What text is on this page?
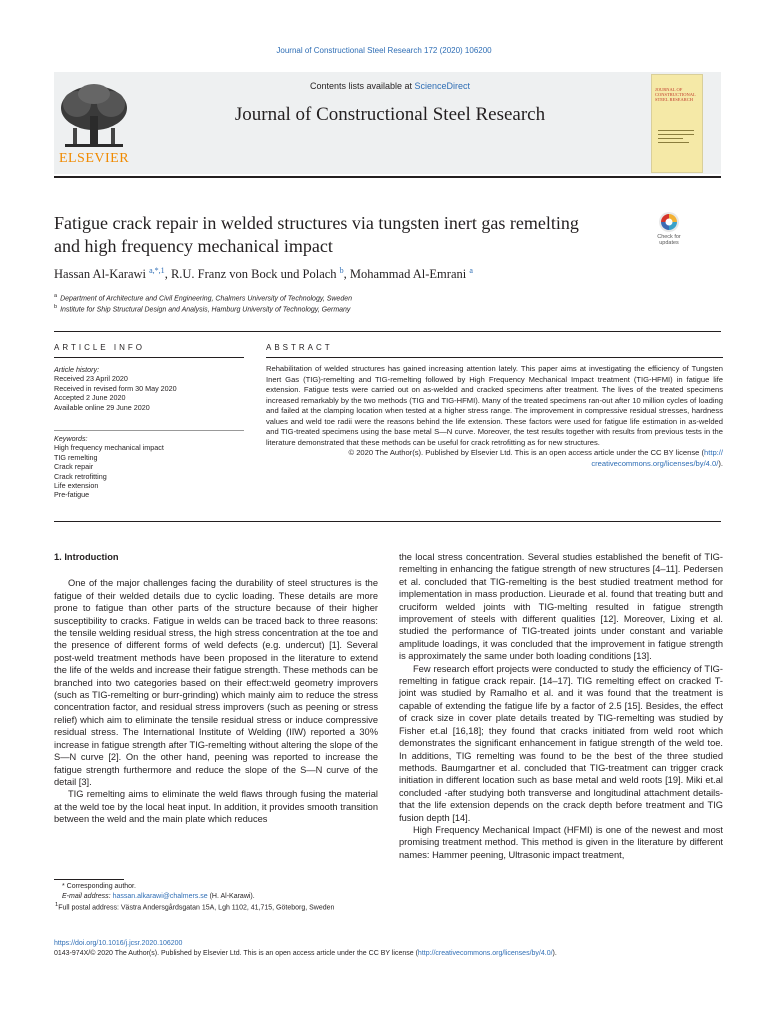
Journal of Constructional Steel Research 172 (2020) 106200
ELSEVIER
Contents lists available at ScienceDirect
Journal of Constructional Steel Research
JOURNAL OF CONSTRUCTIONAL STEEL RESEARCH
Fatigue crack repair in welded structures via tungsten inert gas remelting
and high frequency mechanical impact	Check for updates
Hassan Al-Karawi $^{a,*,1}$, R.U. Franz von Bock und Polach $^b$, Mohammad Al-Emrani $^a$
$^a$ Department of Architecture and Civil Engineering, Chalmers University of Technology, Sweden
$^b$ Institute for Ship Structural Design and Analysis, Hamburg University of Technology, Germany
ARTICLE INFO	ABSTRACT
Article history:
Received 23 April 2020
Received in revised form 30 May 2020
Accepted 2 June 2020
Available online 29 June 2020
Keywords:
High frequency mechanical impact
TIG remelting
Crack repair
Crack retrofitting
Life extension
Pre-fatigue

Rehabilitation of welded structures has gained increasing attention lately. This paper aims at investigating the efficiency of Tungsten Inert Gas (TIG)-remelting and TIG-remelting followed by High Frequency Mechanical Impact treatment (TIG-HFMI) in fatigue life extension. Fatigue tests were carried out on as-welded and cracked specimens after treatment. The lives of the treated specimens increased remarkably by the two methods (TIG and TIG-HFMI). Many of the treated specimens ran-out after 10 million cycles of loading and failed at the clamping location when tested at a higher stress range. The improvement in compressive residual stresses, hardness values and weld toe radii were the reasons behind the life extension. These factors were used for fatigue life estimation in as-welded and TIG-treated specimens using the base metal S—N curve. Moreover, the test results together with results from previous tests in the literature demonstrated that these methods can be useful for crack retrofitting as for new structures.

© 2020 The Author(s). Published by Elsevier Ltd. This is an open access article under the CC BY license (http://
creativecommons.org/licenses/by/4.0/).

1. Introduction

One of the major challenges facing the durability of steel structures is the fatigue of their welded details due to cyclic loading. These details are more prone to fatigue than other parts of the structure because of their higher susceptibility to cracks. Fatigue in welds can be traced back to three reasons: the tensile welding residual stress, the high stress concentration at the toe and the presence of different forms of weld defects (e.g. undercut) [1]. Several post-weld treatment methods have been proposed in the literature to extend the life of the welds and increase their fatigue strength. These methods can be branched into two categories based on their effect:weld geometry improvers (such as TIG-remelting or burr-grinding) which mainly aim to reduce the stress concentration factor, and residual stress improvers (such as peening or stress relief) which aim to eliminate the tensile residual stress or induce compressive residual stress. The International Institute of Welding (IIW) reported a 30% increase in fatigue strength after TIG-remelting without altering the slope of the S—N curve [2]. On the other hand, peening was reported to increase the fatigue strength furthermore and reduce the slope of the S—N curve of the detail [3].

TIG remelting aims to eliminate the weld flaws through fusing the material at the weld toe by the local heat input. In addition, it provides smooth transition between the weld and the main plate which reduces

the local stress concentration. Several studies established the benefit of TIG-remelting in enhancing the fatigue strength of new structures [4–11]. Pedersen et al. concluded that TIG-remelting is the best studied treatment method for implementation in mass production. Lieurade et al. found that treating butt and cruciform welded joints with TIG-melting resulted in fatigue strength improvement of steels with different qualities [12]. Moreover, Lixing et al. studied the performance of TIG-treated joints under constant and variable amplitude loadings, it was concluded that the improvement in fatigue strength is approximately the same under both loading conditions [13].

Few research effort projects were conducted to study the efficiency of TIG-remelting in fatigue crack repair. [14–17]. TIG remelting effect on cracked T-joint was studied by Ramalho et al. and it was found that the treatment is capable of extending the fatigue life by a factor of 2.5 [15]. Besides, the effect of crack size in cover plate details treated by TIG-remelting was studied by Fisher et.al [16,18]; they found that cracks initiated from weld root which demonstrates the significant enhancement in fatigue strength of the weld toe. In additions, TIG remelting was found to be the best of the three studied methods. Baumgartner et al. concluded that TIG-treatment can trigger crack initiation in different location such as base metal and weld roots [19]. Miki et.al concluded -after studying both transverse and longitudinal attachment details- that the life extension depends on the crack depth before treatment and TIG fusion depth [14].

High Frequency Mechanical Impact (HFMI) is one of the newest and most promising treatment method. This method is given in the literature by different names: Hammer peening, Ultrasonic impact treatment,

* Corresponding author.
E-mail address: hassan.alkarawi@chalmers.se (H. Al-Karawi).
$^1$Full postal address: Västra Andersgårdsgatan 15A, Lgh 1102, 41,715, Göteborg, Sweden
https://doi.org/10.1016/j.jcsr.2020.106200
0143-974X/© 2020 The Author(s). Published by Elsevier Ltd. This is an open access article under the CC BY license (http://creativecommons.org/licenses/by/4.0/).
